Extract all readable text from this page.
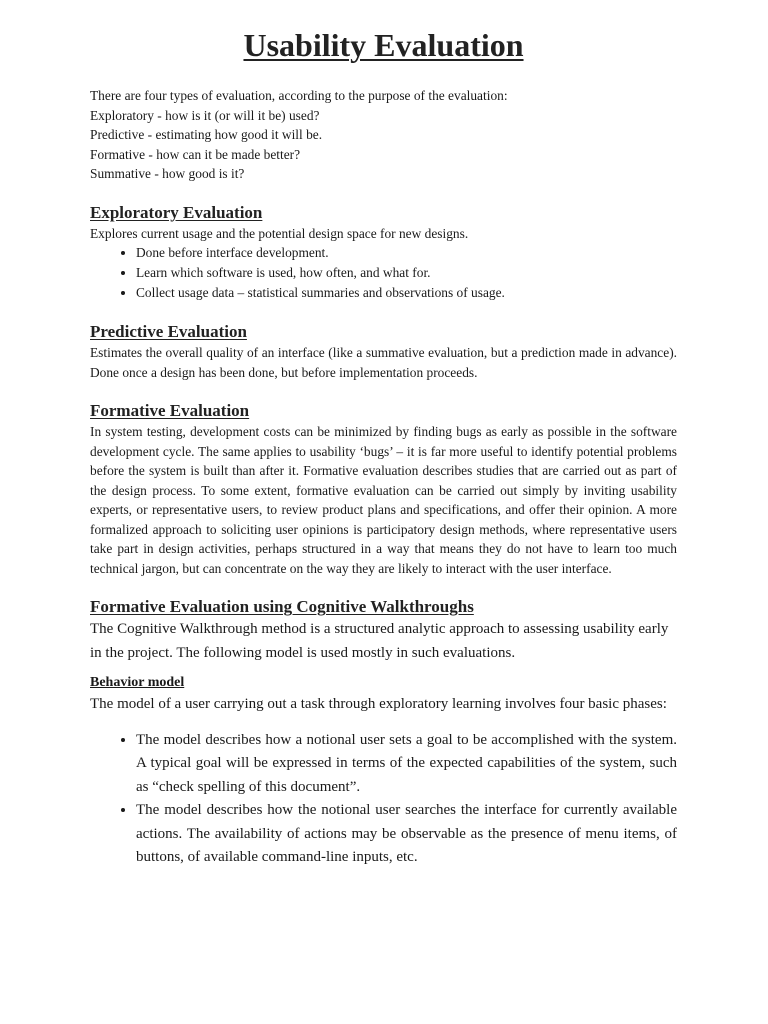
Usability Evaluation

There are four types of evaluation, according to the purpose of the evaluation:

Exploratory - how is it (or will it be) used?

Predictive - estimating how good it will be.

Formative - how can it be made better?

Summative - how good is it?

Exploratory Evaluation

Explores current usage and the potential design space for new designs.

• Done before interface development.
• Learn which software is used, how often, and what for.
• Collect usage data – statistical summaries and observations of usage.
Predictive Evaluation

Estimates the overall quality of an interface (like a summative evaluation, but a prediction made in advance). Done once a design has been done, but before implementation proceeds.

Formative Evaluation

In system testing, development costs can be minimized by finding bugs as early as possible in the software development cycle. The same applies to usability ‘bugs’ – it is far more useful to identify potential problems before the system is built than after it. Formative evaluation describes studies that are carried out as part of the design process. To some extent, formative evaluation can be carried out simply by inviting usability experts, or representative users, to review product plans and specifications, and offer their opinion. A more formalized approach to soliciting user opinions is participatory design methods, where representative users take part in design activities, perhaps structured in a way that means they do not have to learn too much technical jargon, but can concentrate on the way they are likely to interact with the user interface.

Formative Evaluation using Cognitive Walkthroughs

The Cognitive Walkthrough method is a structured analytic approach to assessing usability early in the project. The following model is used mostly in such evaluations.

Behavior model

The model of a user carrying out a task through exploratory learning involves four basic phases:

• The model describes how a notional user sets a goal to be accomplished with the system. A typical goal will be expressed in terms of the expected capabilities of the system, such as “check spelling of this document”.
• The model describes how the notional user searches the interface for currently available actions. The availability of actions may be observable as the presence of menu items, of buttons, of available command-line inputs, etc.
